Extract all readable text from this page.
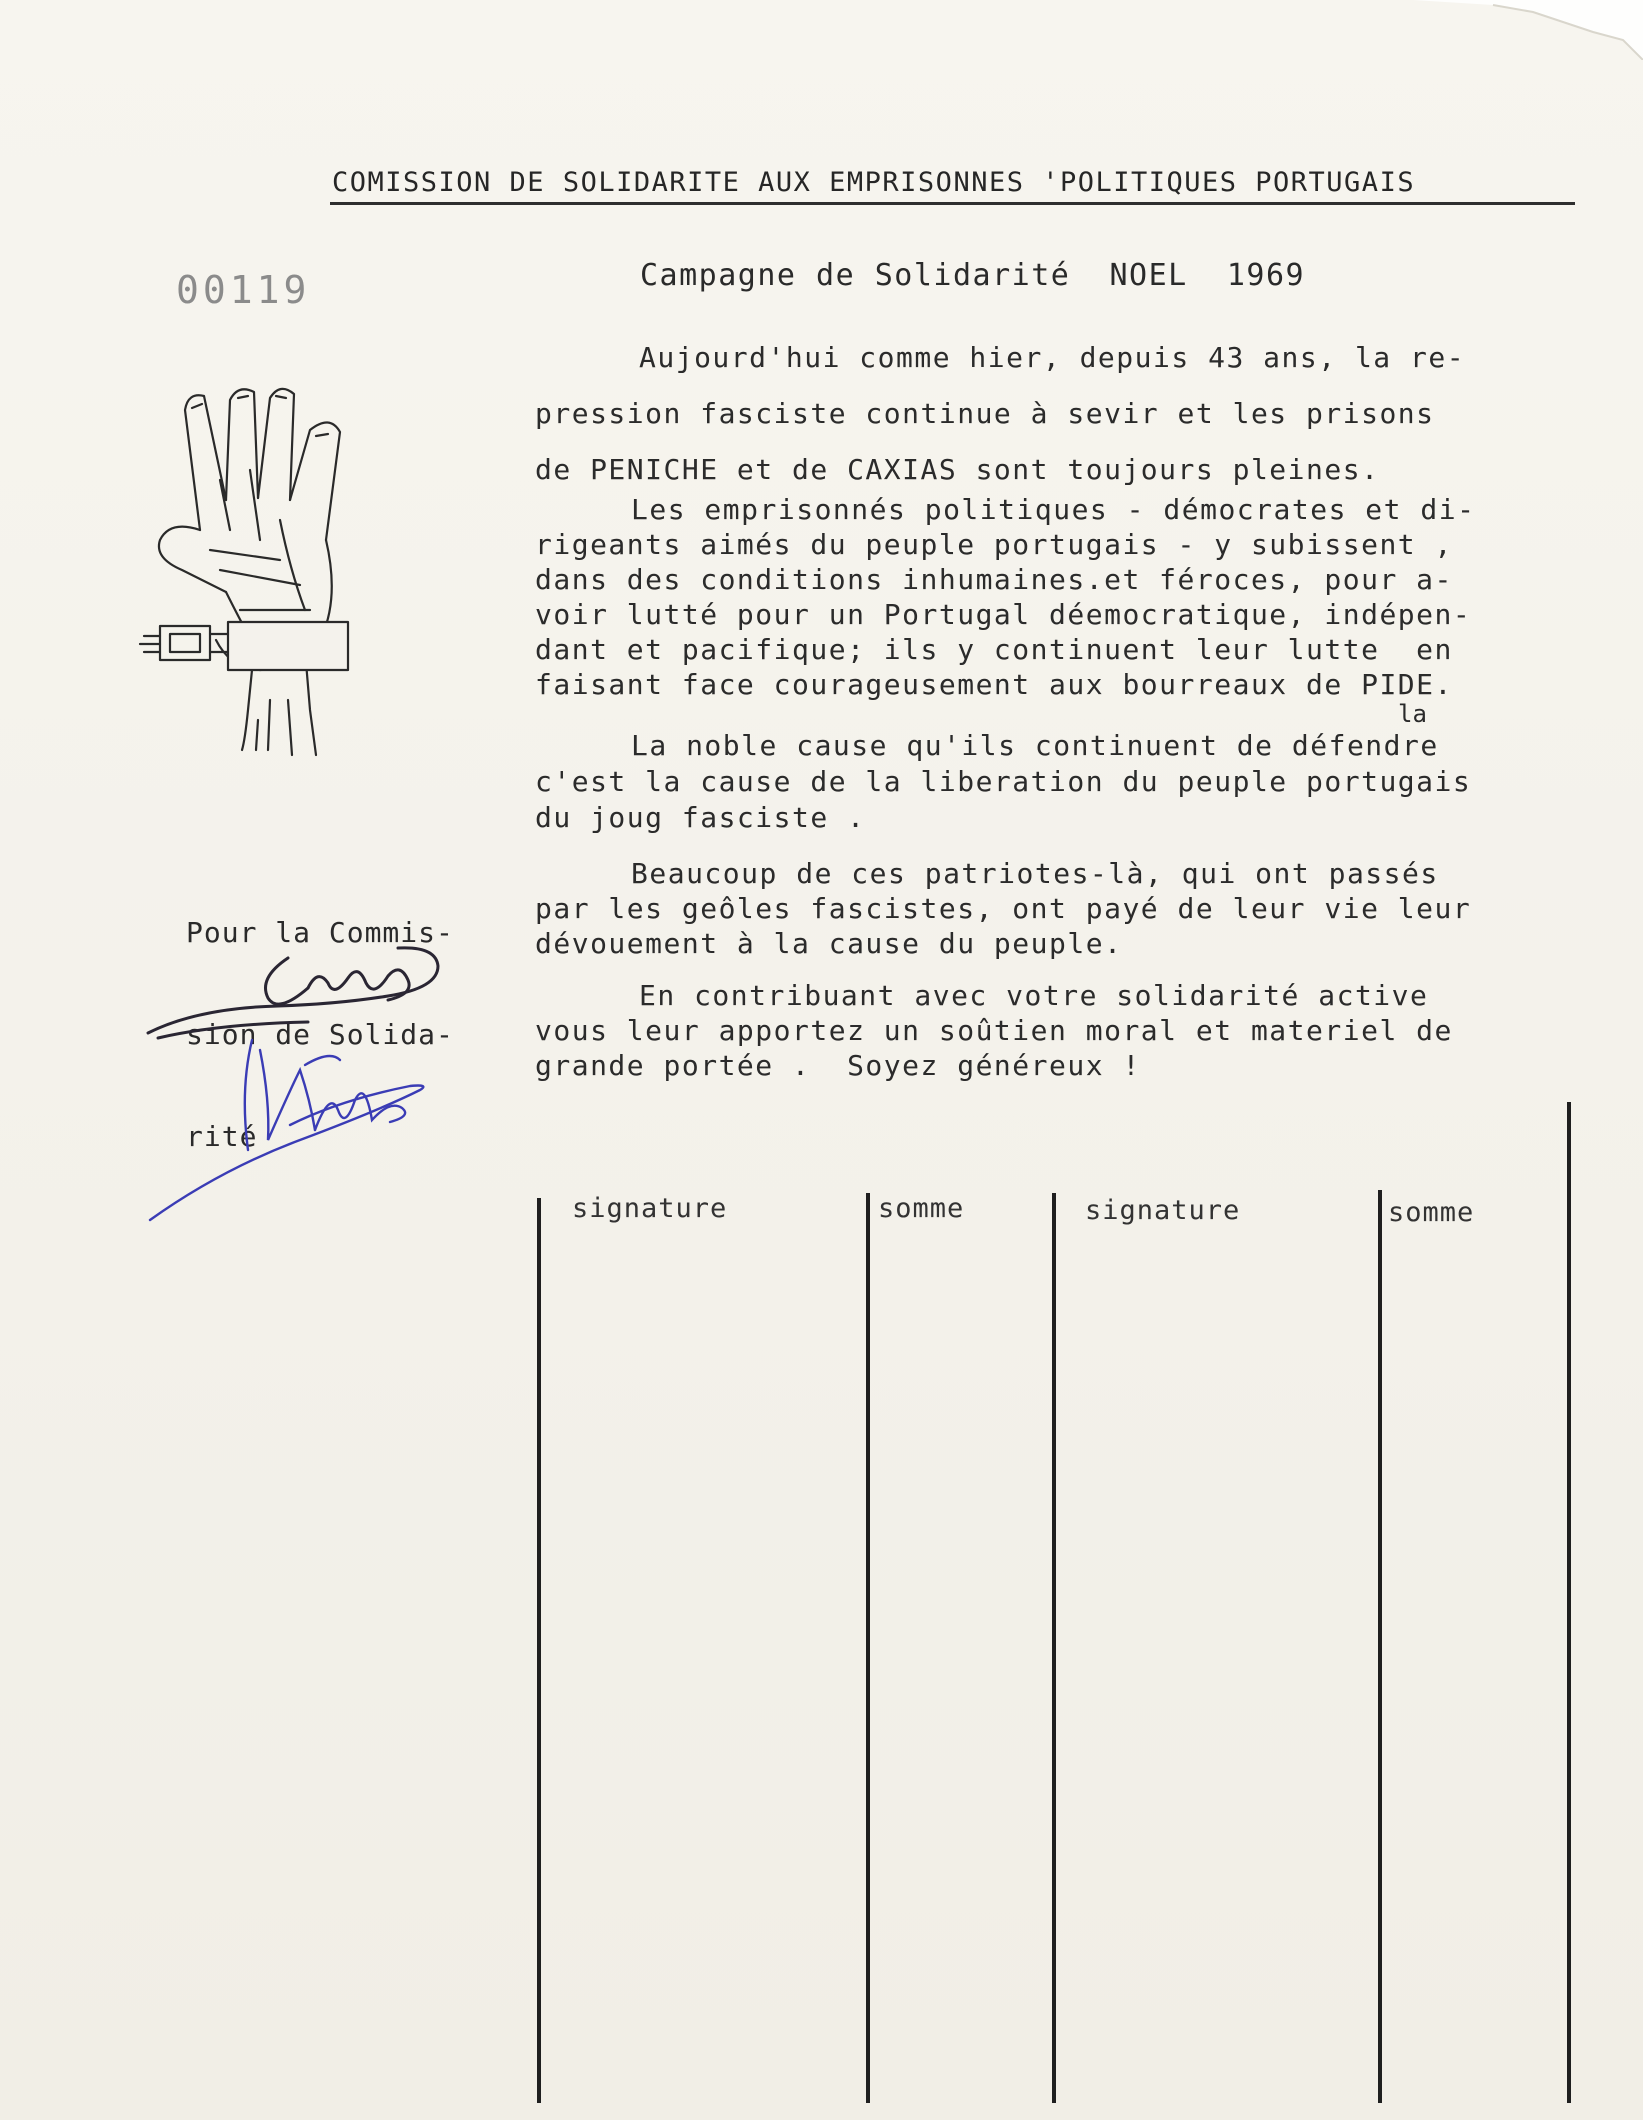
COMISSION DE SOLIDARITE AUX EMPRISONNES 'POLITIQUES PORTUGAIS
00119	Campagne de Solidarité  NOEL  1969
Aujourd'hui comme hier, depuis 43 ans, la re-
pression fasciste continue à sevir et les prisons
de PENICHE et de CAXIAS sont toujours pleines.
Les emprisonnés politiques - démocrates et di-
rigeants aimés du peuple portugais - y subissent ,
dans des conditions inhumaines.et féroces, pour a-
voir lutté pour un Portugal déemocratique, indépen-
dant et pacifique; ils y continuent leur lutte  en
faisant face courageusement aux bourreaux de PIDE.
la
La noble cause qu'ils continuent de défendre
c'est la cause de la liberation du peuple portugais
du joug fasciste .
Beaucoup de ces patriotes-là, qui ont passés
par les geôles fascistes, ont payé de leur vie leur
dévouement à la cause du peuple.
En contribuant avec votre solidarité active
vous leur apportez un soûtien moral et materiel de
grande portée .  Soyez généreux !

Pour la Commis-

sion de Solida-

rité

signature	somme	signature	somme
